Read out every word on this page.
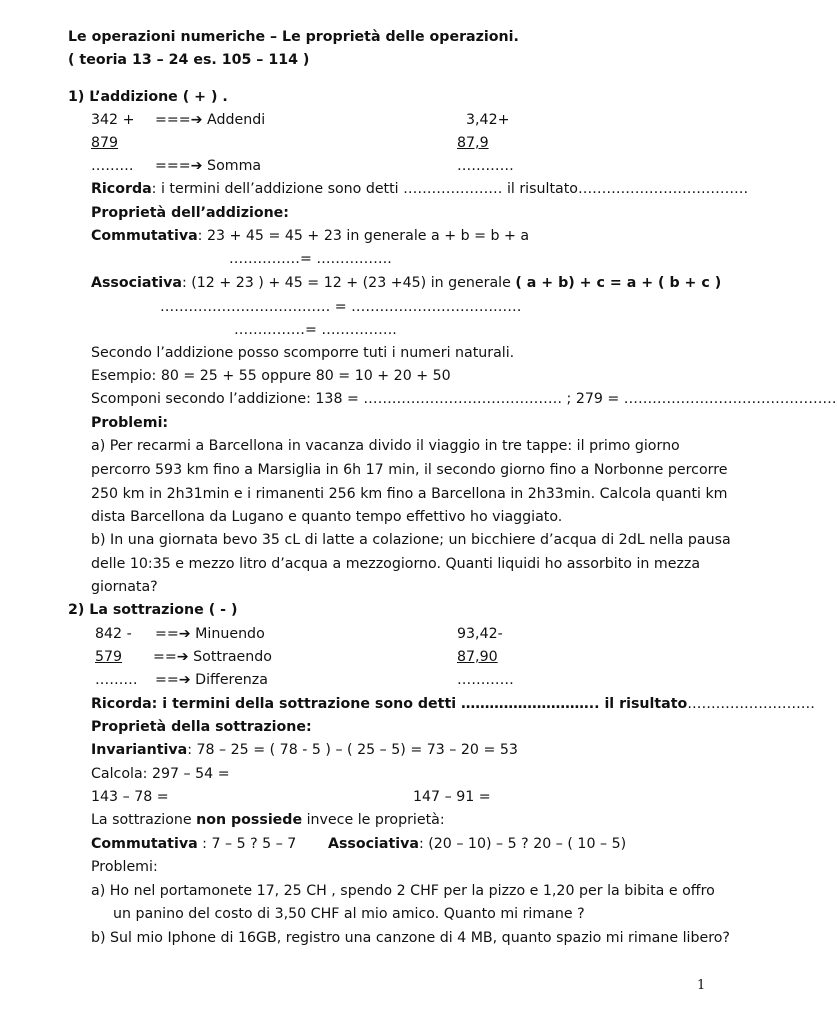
Le operazioni numeriche – Le proprietà delle operazioni.
( teoria 13 – 24 es. 105 – 114 )
1) L’addizione ( + ) .
342 + ===➔ Addendi	3,42+
879	87,9
……… ===➔ Somma	…………
Ricorda: i termini dell’addizione sono detti ………………… il risultato………………………………
Proprietà dell’addizione:
Commutativa: 23 + 45 = 45 + 23 in generale a + b = b + a
……………= …………….
Associativa: (12 + 23 ) + 45 = 12 + (23 +45) in generale ( a + b) + c = a + ( b + c )
……………………………… = ………………………………
……………= …………….
Secondo l’addizione posso scomporre tuti i numeri naturali.
Esempio: 80 = 25 + 55 oppure 80 = 10 + 20 + 50
Scomponi secondo l’addizione: 138 = …………………………………… ; 279 = ………………………………………
Problemi:
a) Per recarmi a Barcellona in vacanza divido il viaggio in tre tappe: il primo giorno
percorro 593 km fino a Marsiglia in 6h 17 min, il secondo giorno fino a Norbonne percorre
250 km in 2h31min e i rimanenti 256 km fino a Barcellona in 2h33min. Calcola quanti km
dista Barcellona da Lugano e quanto tempo effettivo ho viaggiato.
b) In una giornata bevo 35 cL di latte a colazione; un bicchiere d’acqua di 2dL nella pausa
delle 10:35 e mezzo litro d’acqua a mezzogiorno. Quanti liquidi ho assorbito in mezza
giornata?
2) La sottrazione ( - )
842 - ==➔ Minuendo	93,42-
579 ==➔ Sottraendo	87,90
……… ==➔ Differenza	…………
Ricorda: i termini della sottrazione sono detti ……………………….. il risultato………………………
Proprietà della sottrazione:
Invariantiva: 78 – 25 = ( 78 - 5 ) – ( 25 – 5) = 73 – 20 = 53
Calcola: 297 – 54 =
143 – 78 =	147 – 91 =
La sottrazione non possiede invece le proprietà:
Commutativa : 7 – 5 ? 5 – 7 Associativa: (20 – 10) – 5 ? 20 – ( 10 – 5)
Problemi:
a) Ho nel portamonete 17, 25 CH , spendo 2 CHF per la pizzo e 1,20 per la bibita e offro
un panino del costo di 3,50 CHF al mio amico. Quanto mi rimane ?
b) Sul mio Iphone di 16GB, registro una canzone di 4 MB, quanto spazio mi rimane libero?
1
